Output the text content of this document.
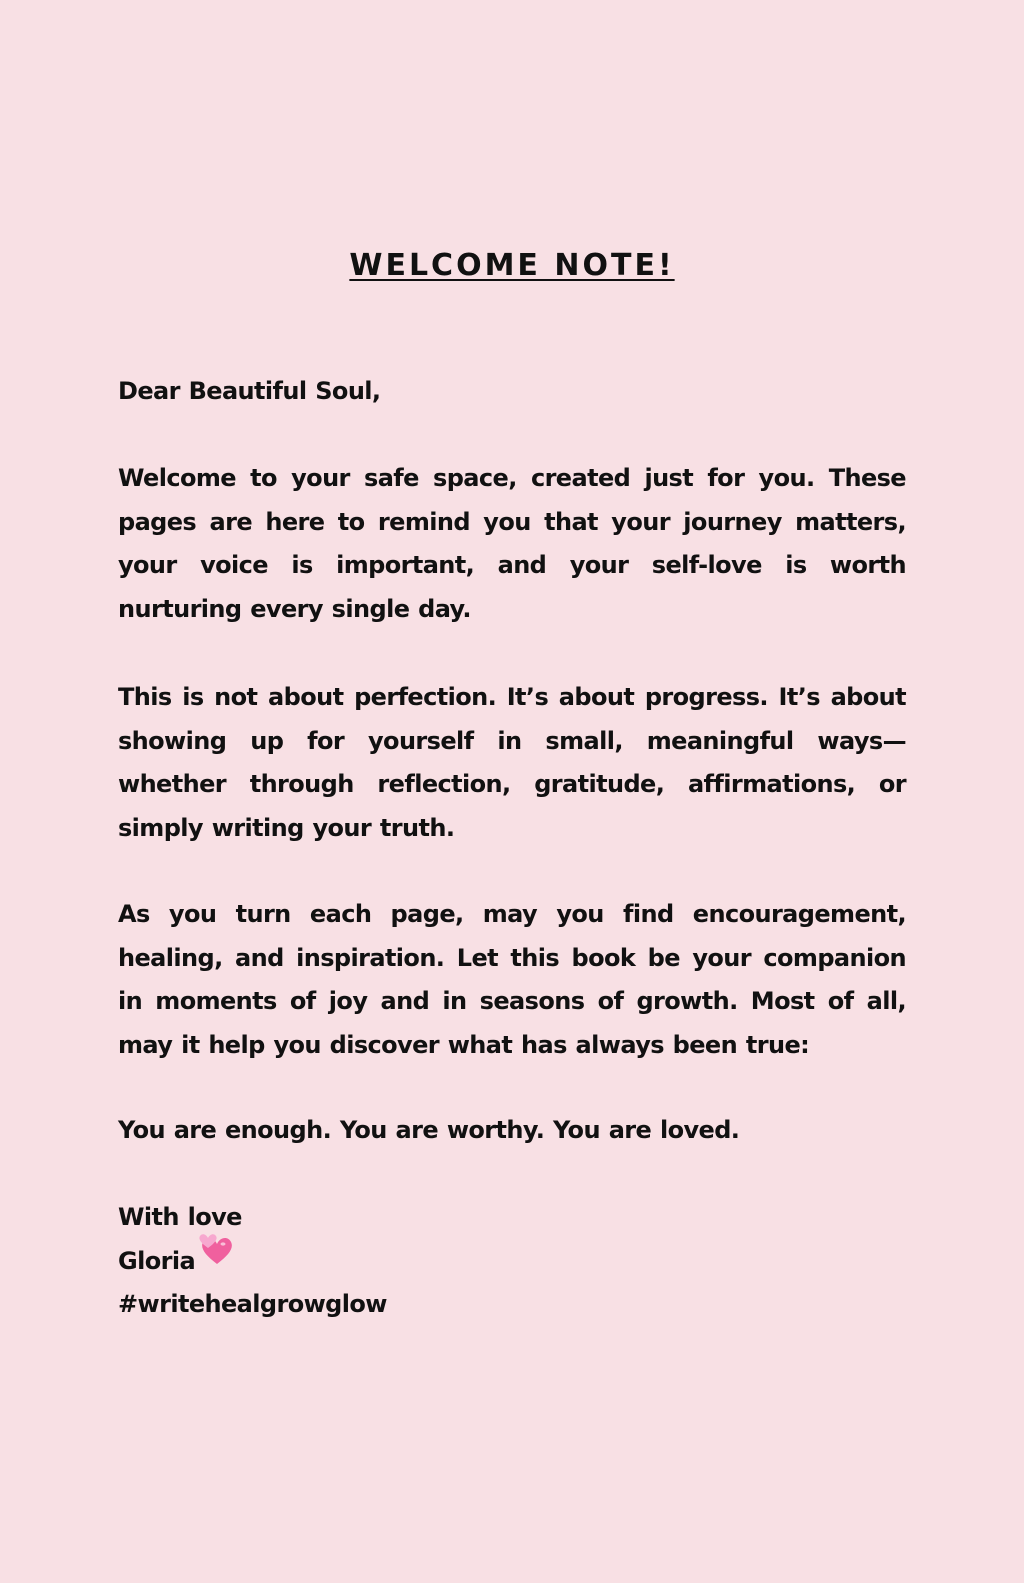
WELCOME NOTE!

Dear Beautiful Soul,

Welcome to your safe space, created just for you. These pages are here to remind you that your journey matters, your voice is important, and your self-love is worth nurturing every single day.

This is not about perfection. It’s about progress. It’s about showing up for yourself in small, meaningful ways—whether through reflection, gratitude, affirmations, or simply writing your truth.

As you turn each page, may you find encouragement, healing, and inspiration. Let this book be your companion in moments of joy and in seasons of growth. Most of all, may it help you discover what has always been true:

You are enough. You are worthy. You are loved.

With love

Gloria

#writehealgrowglow
